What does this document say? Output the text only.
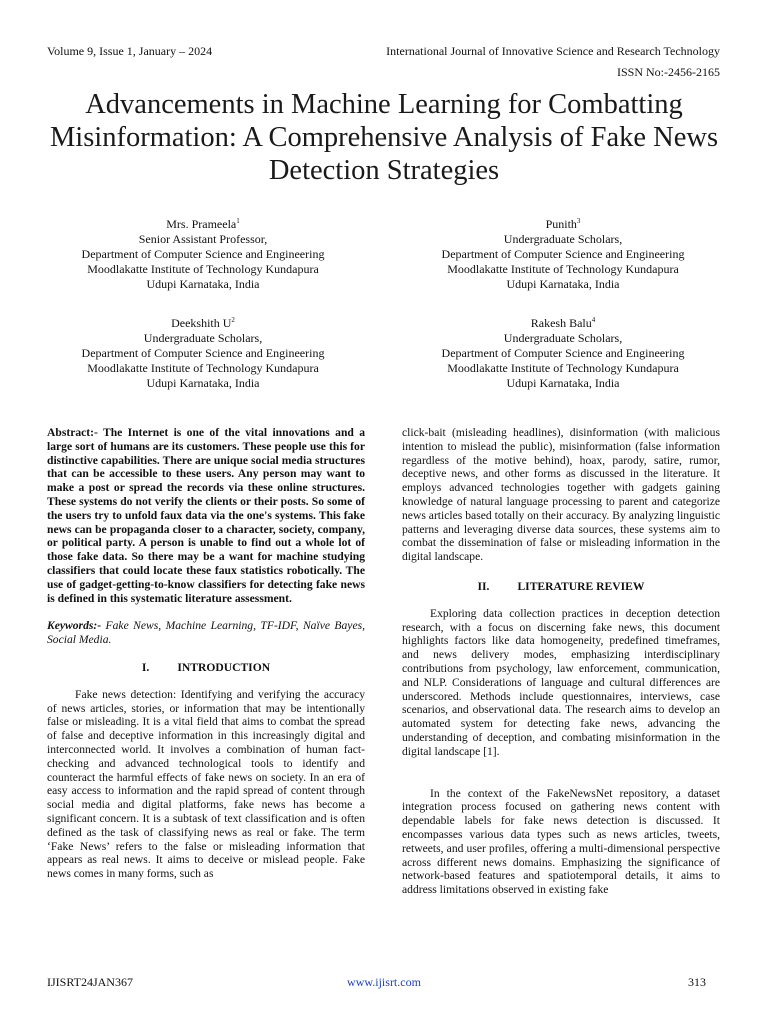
Volume 9, Issue 1, January – 2024	International Journal of Innovative Science and Research Technology
ISSN No:-2456-2165
Advancements in Machine Learning for Combatting Misinformation: A Comprehensive Analysis of Fake News Detection Strategies
Mrs. Prameela$^1$
Senior Assistant Professor,
Department of Computer Science and Engineering
Moodlakatte Institute of Technology Kundapura
Udupi Karnataka, India
Punith$^3$
Undergraduate Scholars,
Department of Computer Science and Engineering
Moodlakatte Institute of Technology Kundapura
Udupi Karnataka, India
Deekshith $U^2$
Undergraduate Scholars,
Department of Computer Science and Engineering
Moodlakatte Institute of Technology Kundapura
Udupi Karnataka, India
Rakesh Balu$^4$
Undergraduate Scholars,
Department of Computer Science and Engineering
Moodlakatte Institute of Technology Kundapura
Udupi Karnataka, India

Abstract:- The Internet is one of the vital innovations and a large sort of humans are its customers. These people use this for distinctive capabilities. There are unique social media structures that can be accessible to these users. Any person may want to make a post or spread the records via these online structures. These systems do not verify the clients or their posts. So some of the users try to unfold faux data via the one's systems. This fake news can be propaganda closer to a character, society, company, or political party. A person is unable to find out a whole lot of those fake data. So there may be a want for machine studying classifiers that could locate these faux statistics robotically. The use of gadget-getting-to-know classifiers for detecting fake news is defined in this systematic literature assessment.

Keywords:- Fake News, Machine Learning, TF-IDF, Naïve Bayes, Social Media.

I. INTRODUCTION

Fake news detection: Identifying and verifying the accuracy of news articles, stories, or information that may be intentionally false or misleading. It is a vital field that aims to combat the spread of false and deceptive information in this increasingly digital and interconnected world. It involves a combination of human fact-checking and advanced technological tools to identify and counteract the harmful effects of fake news on society. In an era of easy access to information and the rapid spread of content through social media and digital platforms, fake news has become a significant concern. It is a subtask of text classification and is often defined as the task of classifying news as real or fake. The term ‘Fake News’ refers to the false or misleading information that appears as real news. It aims to deceive or mislead people. Fake news comes in many forms, such as

click-bait (misleading headlines), disinformation (with malicious intention to mislead the public), misinformation (false information regardless of the motive behind), hoax, parody, satire, rumor, deceptive news, and other forms as discussed in the literature. It employs advanced technologies together with gadgets gaining knowledge of natural language processing to parent and categorize news articles based totally on their accuracy. By analyzing linguistic patterns and leveraging diverse data sources, these systems aim to combat the dissemination of false or misleading information in the digital landscape.

II. LITERATURE REVIEW

Exploring data collection practices in deception detection research, with a focus on discerning fake news, this document highlights factors like data homogeneity, predefined timeframes, and news delivery modes, emphasizing interdisciplinary contributions from psychology, law enforcement, communication, and NLP. Considerations of language and cultural differences are underscored. Methods include questionnaires, interviews, case scenarios, and observational data. The research aims to develop an automated system for detecting fake news, advancing the understanding of deception, and combating misinformation in the digital landscape [1].

In the context of the FakeNewsNet repository, a dataset integration process focused on gathering news content with dependable labels for fake news detection is discussed. It encompasses various data types such as news articles, tweets, retweets, and user profiles, offering a multi-dimensional perspective across different news domains. Emphasizing the significance of network-based features and spatiotemporal details, it aims to address limitations observed in existing fake

IJISRT24JAN367	www.ijisrt.com	313
